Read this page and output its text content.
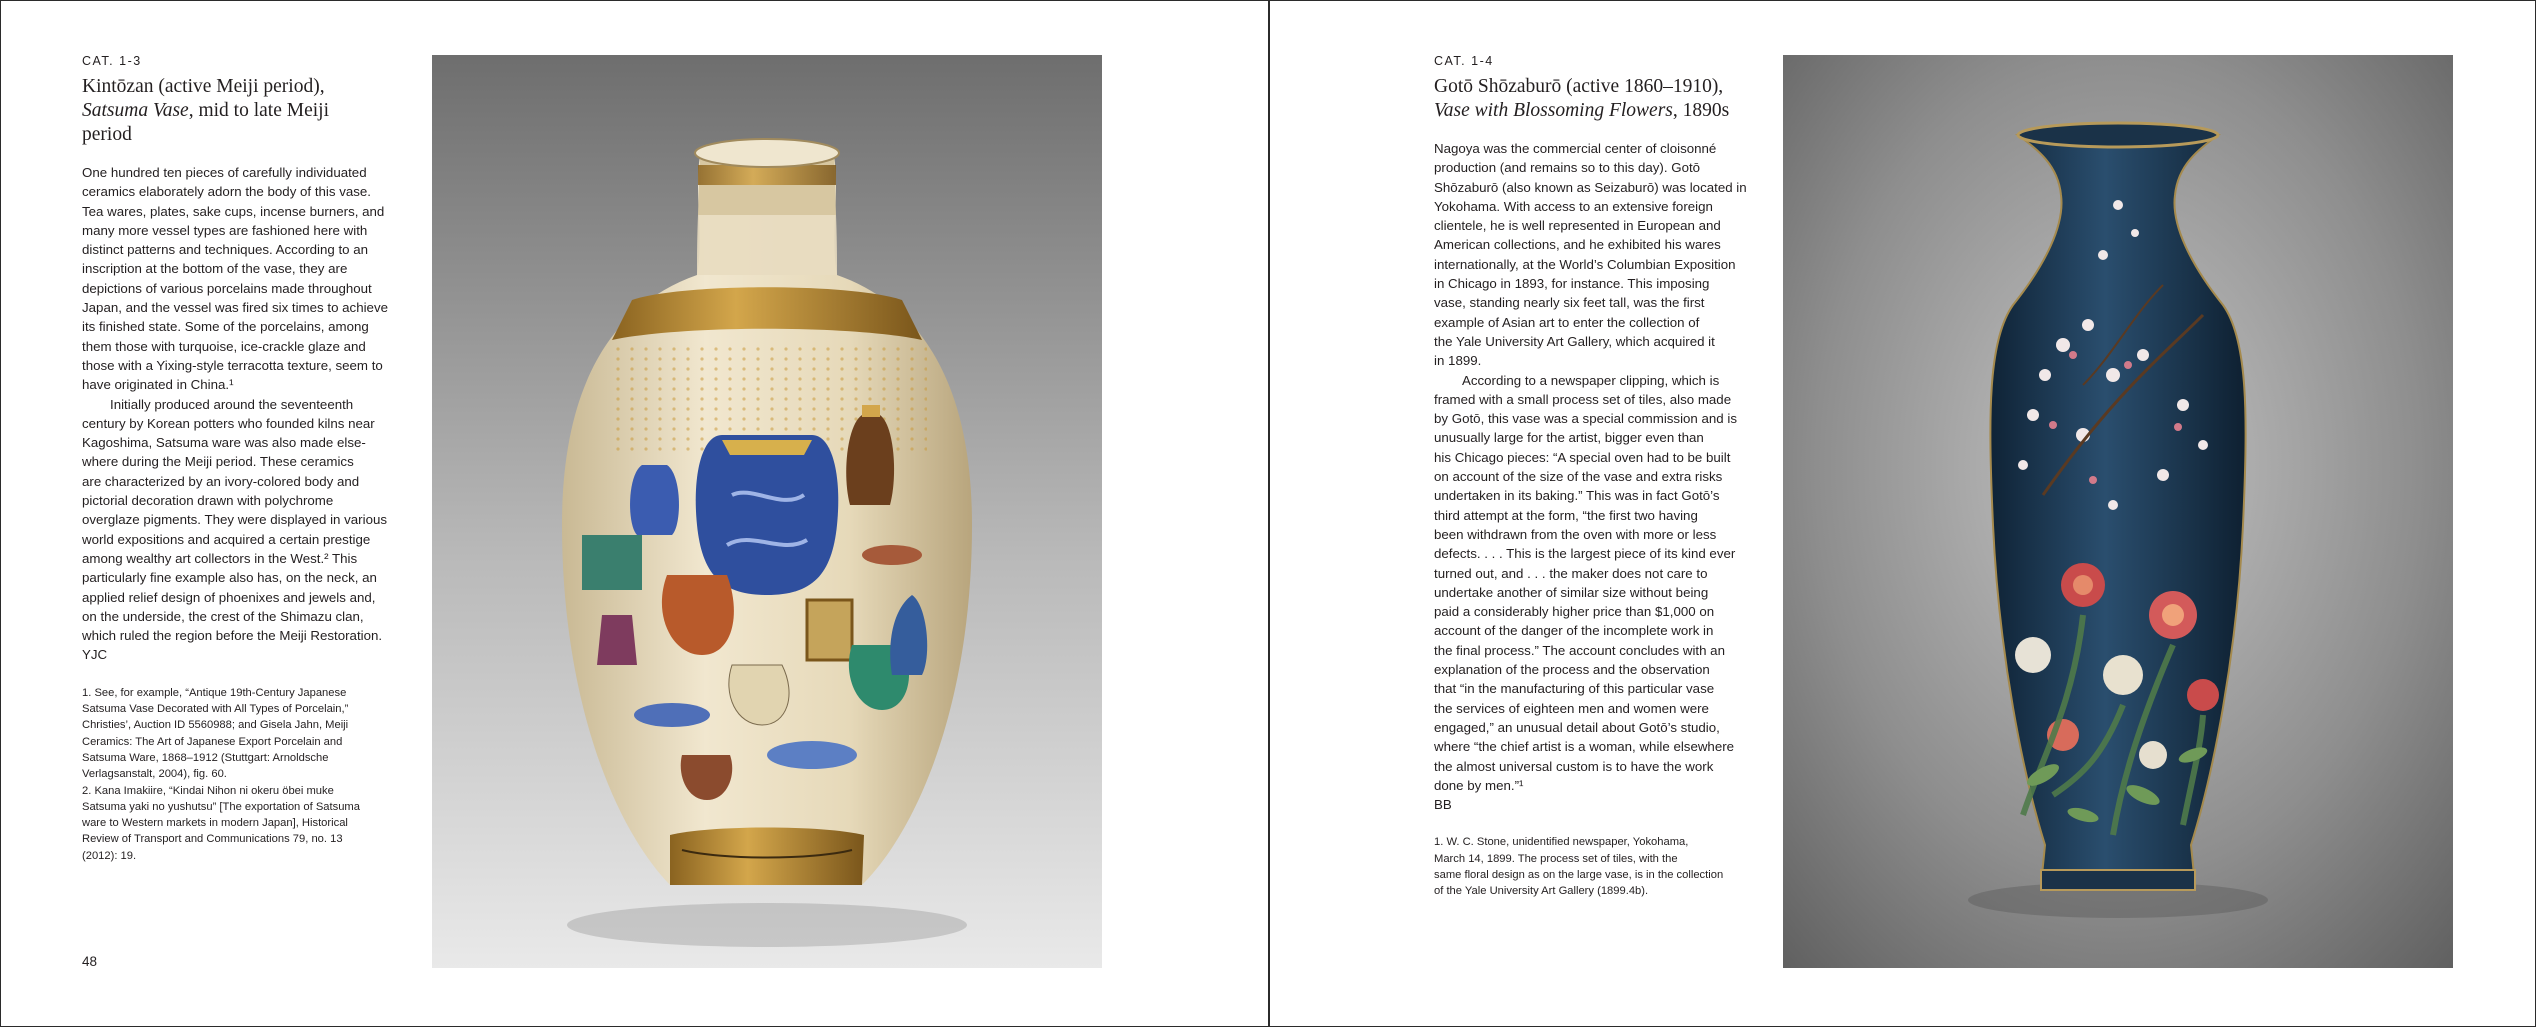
CAT. 1-3
Kintōzan (active Meiji period),
Satsuma Vase, mid to late Meiji
period

One hundred ten pieces of carefully individuated

ceramics elaborately adorn the body of this vase.

Tea wares, plates, sake cups, incense burners, and

many more vessel types are fashioned here with

distinct patterns and techniques. According to an

inscription at the bottom of the vase, they are

depictions of various porcelains made throughout

Japan, and the vessel was fired six times to achieve

its finished state. Some of the porcelains, among

them those with turquoise, ice-crackle glaze and

those with a Yixing-style terracotta texture, seem to

have originated in China.¹

Initially produced around the seventeenth

century by Korean potters who founded kilns near

Kagoshima, Satsuma ware was also made else-

where during the Meiji period. These ceramics

are characterized by an ivory-colored body and

pictorial decoration drawn with polychrome

overglaze pigments. They were displayed in various

world expositions and acquired a certain prestige

among wealthy art collectors in the West.² This

particularly fine example also has, on the neck, an

applied relief design of phoenixes and jewels and,

on the underside, the crest of the Shimazu clan,

which ruled the region before the Meiji Restoration.

YJC

1. See, for example, “Antique 19th-Century Japanese

Satsuma Vase Decorated with All Types of Porcelain,”

Christies’, Auction ID 5560988; and Gisela Jahn, Meiji

Ceramics: The Art of Japanese Export Porcelain and

Satsuma Ware, 1868–1912 (Stuttgart: Arnoldsche

Verlagsanstalt, 2004), fig. 60.

2. Kana Imakiire, “Kindai Nihon ni okeru öbei muke

Satsuma yaki no yushutsu” [The exportation of Satsuma

ware to Western markets in modern Japan], Historical

Review of Transport and Communications 79, no. 13

(2012): 19.

48
CAT. 1-4
Gotō Shōzaburō (active 1860–1910),
Vase with Blossoming Flowers, 1890s

Nagoya was the commercial center of cloisonné

production (and remains so to this day). Gotō

Shōzaburō (also known as Seizaburō) was located in

Yokohama. With access to an extensive foreign

clientele, he is well represented in European and

American collections, and he exhibited his wares

internationally, at the World’s Columbian Exposition

in Chicago in 1893, for instance. This imposing

vase, standing nearly six feet tall, was the first

example of Asian art to enter the collection of

the Yale University Art Gallery, which acquired it

in 1899.

According to a newspaper clipping, which is

framed with a small process set of tiles, also made

by Gotō, this vase was a special commission and is

unusually large for the artist, bigger even than

his Chicago pieces: “A special oven had to be built

on account of the size of the vase and extra risks

undertaken in its baking.” This was in fact Gotō’s

third attempt at the form, “the first two having

been withdrawn from the oven with more or less

defects. . . . This is the largest piece of its kind ever

turned out, and . . . the maker does not care to

undertake another of similar size without being

paid a considerably higher price than $1,000 on

account of the danger of the incomplete work in

the final process.” The account concludes with an

explanation of the process and the observation

that “in the manufacturing of this particular vase

the services of eighteen men and women were

engaged,” an unusual detail about Gotō’s studio,

where “the chief artist is a woman, while elsewhere

the almost universal custom is to have the work

done by men.”¹

BB

1. W. C. Stone, unidentified newspaper, Yokohama,

March 14, 1899. The process set of tiles, with the

same floral design as on the large vase, is in the collection

of the Yale University Art Gallery (1899.4b).
